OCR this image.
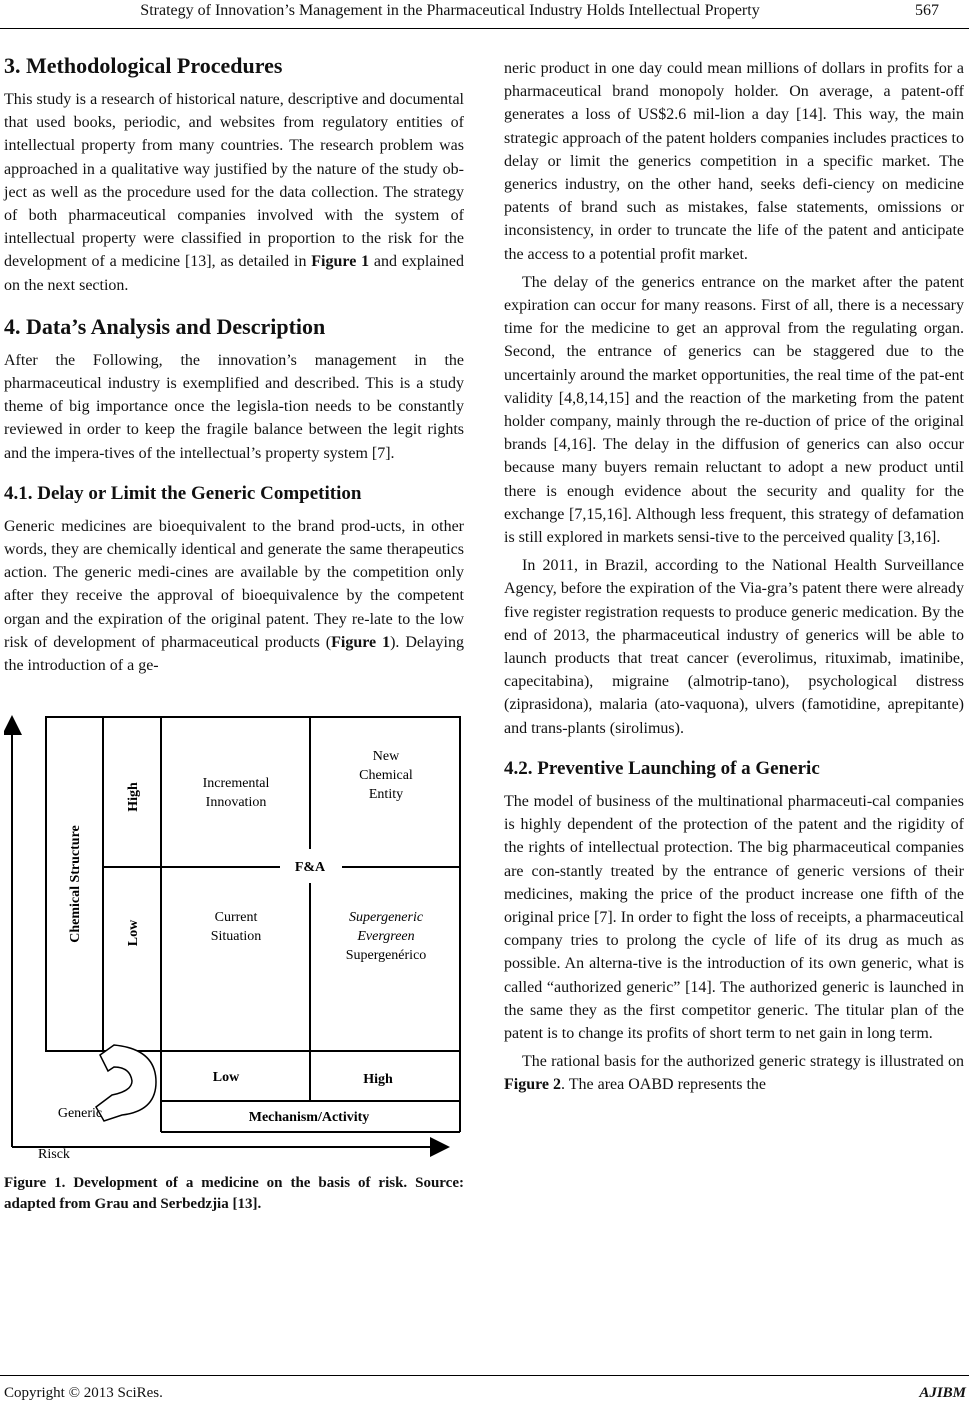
Strategy of Innovation’s Management in the Pharmaceutical Industry Holds Intellectual Property	567
3. Methodological Procedures

This study is a research of historical nature, descriptive and documental that used books, periodic, and websites from regulatory entities of intellectual property from many countries. The research problem was approached in a qualitative way justified by the nature of the study ob-ject as well as the procedure used for the data collection. The strategy of both pharmaceutical companies involved with the system of intellectual property were classified in proportion to the risk for the development of a medicine [13], as detailed in Figure 1 and explained on the next section.

4. Data’s Analysis and Description

After the Following, the innovation’s management in the pharmaceutical industry is exemplified and described. This is a study theme of big importance once the legisla-tion needs to be constantly reviewed in order to keep the fragile balance between the legit rights and the impera-tives of the intellectual’s property system [7].

4.1. Delay or Limit the Generic Competition

Generic medicines are bioequivalent to the brand prod-ucts, in other words, they are chemically identical and generate the same therapeutics action. The generic medi-cines are available by the competition only after they receive the approval of bioequivalence by the competent organ and the expiration of the original patent. They re-late to the low risk of development of pharmaceutical products (Figure 1). Delaying the introduction of a ge-

F&A
Chemical Structure
High
Low
Incremental
Innovation
New
Chemical
Entity
Current
Situation
Supergeneric
Evergreen
Supergenérico
Low	High
Mechanism/Activity
Generic
Risck
Figure 1. Development of a medicine on the basis of risk. Source: adapted from Grau and Serbedzjia [13].

neric product in one day could mean millions of dollars in profits for a pharmaceutical brand monopoly holder. On average, a patent-off generates a loss of US$2.6 mil-lion a day [14]. This way, the main strategic approach of the patent holders companies includes practices to delay or limit the generics competition in a specific market. The generics industry, on the other hand, seeks defi-ciency on medicine patents of brand such as mistakes, false statements, omissions or inconsistency, in order to truncate the life of the patent and anticipate the access to a potential profit market.

The delay of the generics entrance on the market after the patent expiration can occur for many reasons. First of all, there is a necessary time for the medicine to get an approval from the regulating organ. Second, the entrance of generics can be staggered due to the uncertainly around the market opportunities, the real time of the pat-ent validity [4,8,14,15] and the reaction of the marketing from the patent holder company, mainly through the re-duction of price of the original brands [4,16]. The delay in the diffusion of generics can also occur because many buyers remain reluctant to adopt a new product until there is enough evidence about the security and quality for the exchange [7,15,16]. Although less frequent, this strategy of defamation is still explored in markets sensi-tive to the perceived quality [3,16].

In 2011, in Brazil, according to the National Health Surveillance Agency, before the expiration of the Via-gra’s patent there were already five register registration requests to produce generic medication. By the end of 2013, the pharmaceutical industry of generics will be able to launch products that treat cancer (everolimus, rituximab, imatinibe, capecitabina), migraine (almotrip-tano), psychological distress (ziprasidona), malaria (ato-vaquona), ulvers (famotidine, aprepitante) and trans-plants (sirolimus).

4.2. Preventive Launching of a Generic

The model of business of the multinational pharmaceuti-cal companies is highly dependent of the protection of the patent and the rigidity of the rights of intellectual protection. The big pharmaceutical companies are con-stantly treated by the entrance of generic versions of their medicines, making the price of the product increase one fifth of the original price [7]. In order to fight the loss of receipts, a pharmaceutical company tries to prolong the cycle of life of its drug as much as possible. An alterna-tive is the introduction of its own generic, what is called “authorized generic” [14]. The authorized generic is launched in the same they as the first competitor generic. The titular plan of the patent is to change its profits of short term to net gain in long term.

The rational basis for the authorized generic strategy is illustrated on Figure 2. The area OABD represents the

Copyright © 2013 SciRes.	AJIBM
